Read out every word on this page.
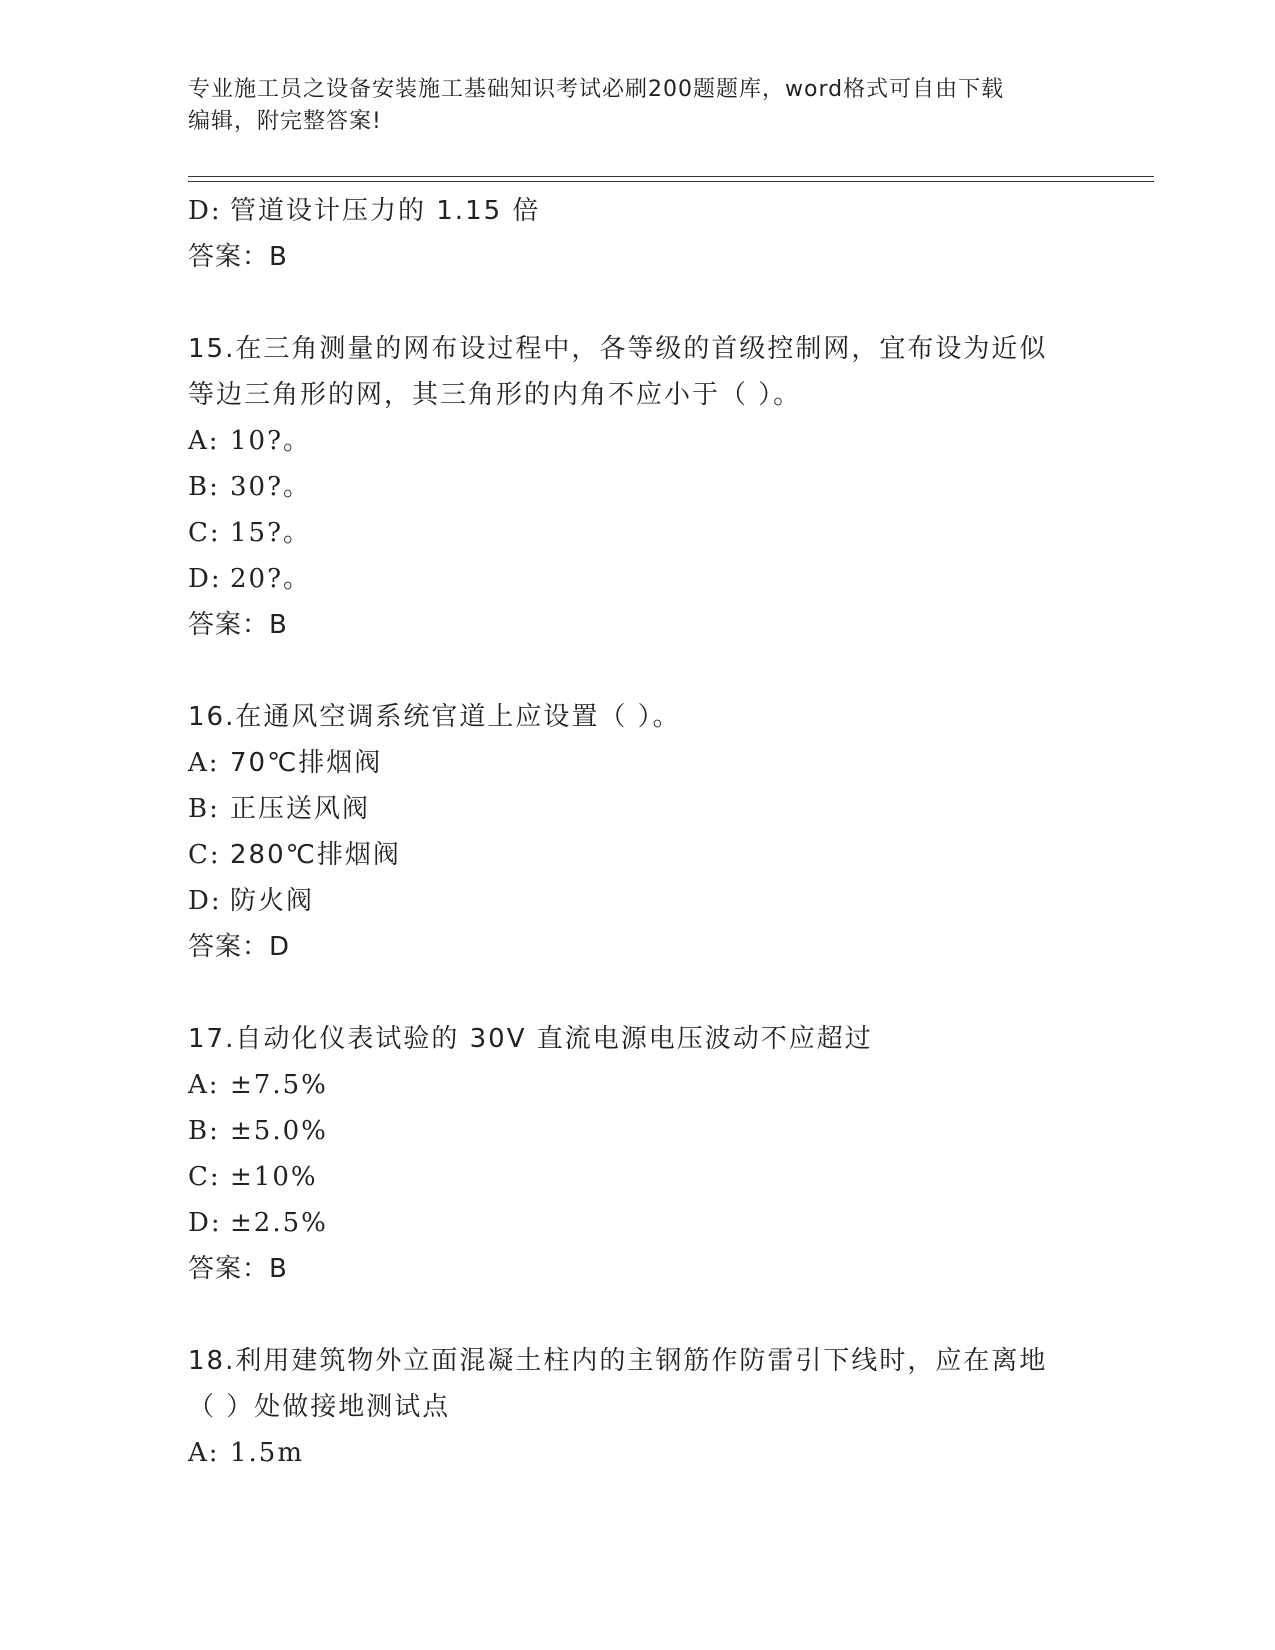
专业施工员之设备安装施工基础知识考试必刷200题题库，word格式可自由下载
编辑，附完整答案!
D: 管道设计压力的 1.15 倍
答案：B
15.在三角测量的网布设过程中，各等级的首级控制网，宜布设为近似
等边三角形的网，其三角形的内角不应小于（ ）。
A: 10?。
B: 30?。
C: 15?。
D: 20?。
答案：B
16.在通风空调系统官道上应设置（ ）。
A: 70℃排烟阀
B: 正压送风阀
C: 280℃排烟阀
D: 防火阀
答案：D
17.自动化仪表试验的 30V 直流电源电压波动不应超过
A: ±7.5%
B: ±5.0%
C: ±10%
D: ±2.5%
答案：B
18.利用建筑物外立面混凝土柱内的主钢筋作防雷引下线时，应在离地
（ ）处做接地测试点
A: 1.5m
